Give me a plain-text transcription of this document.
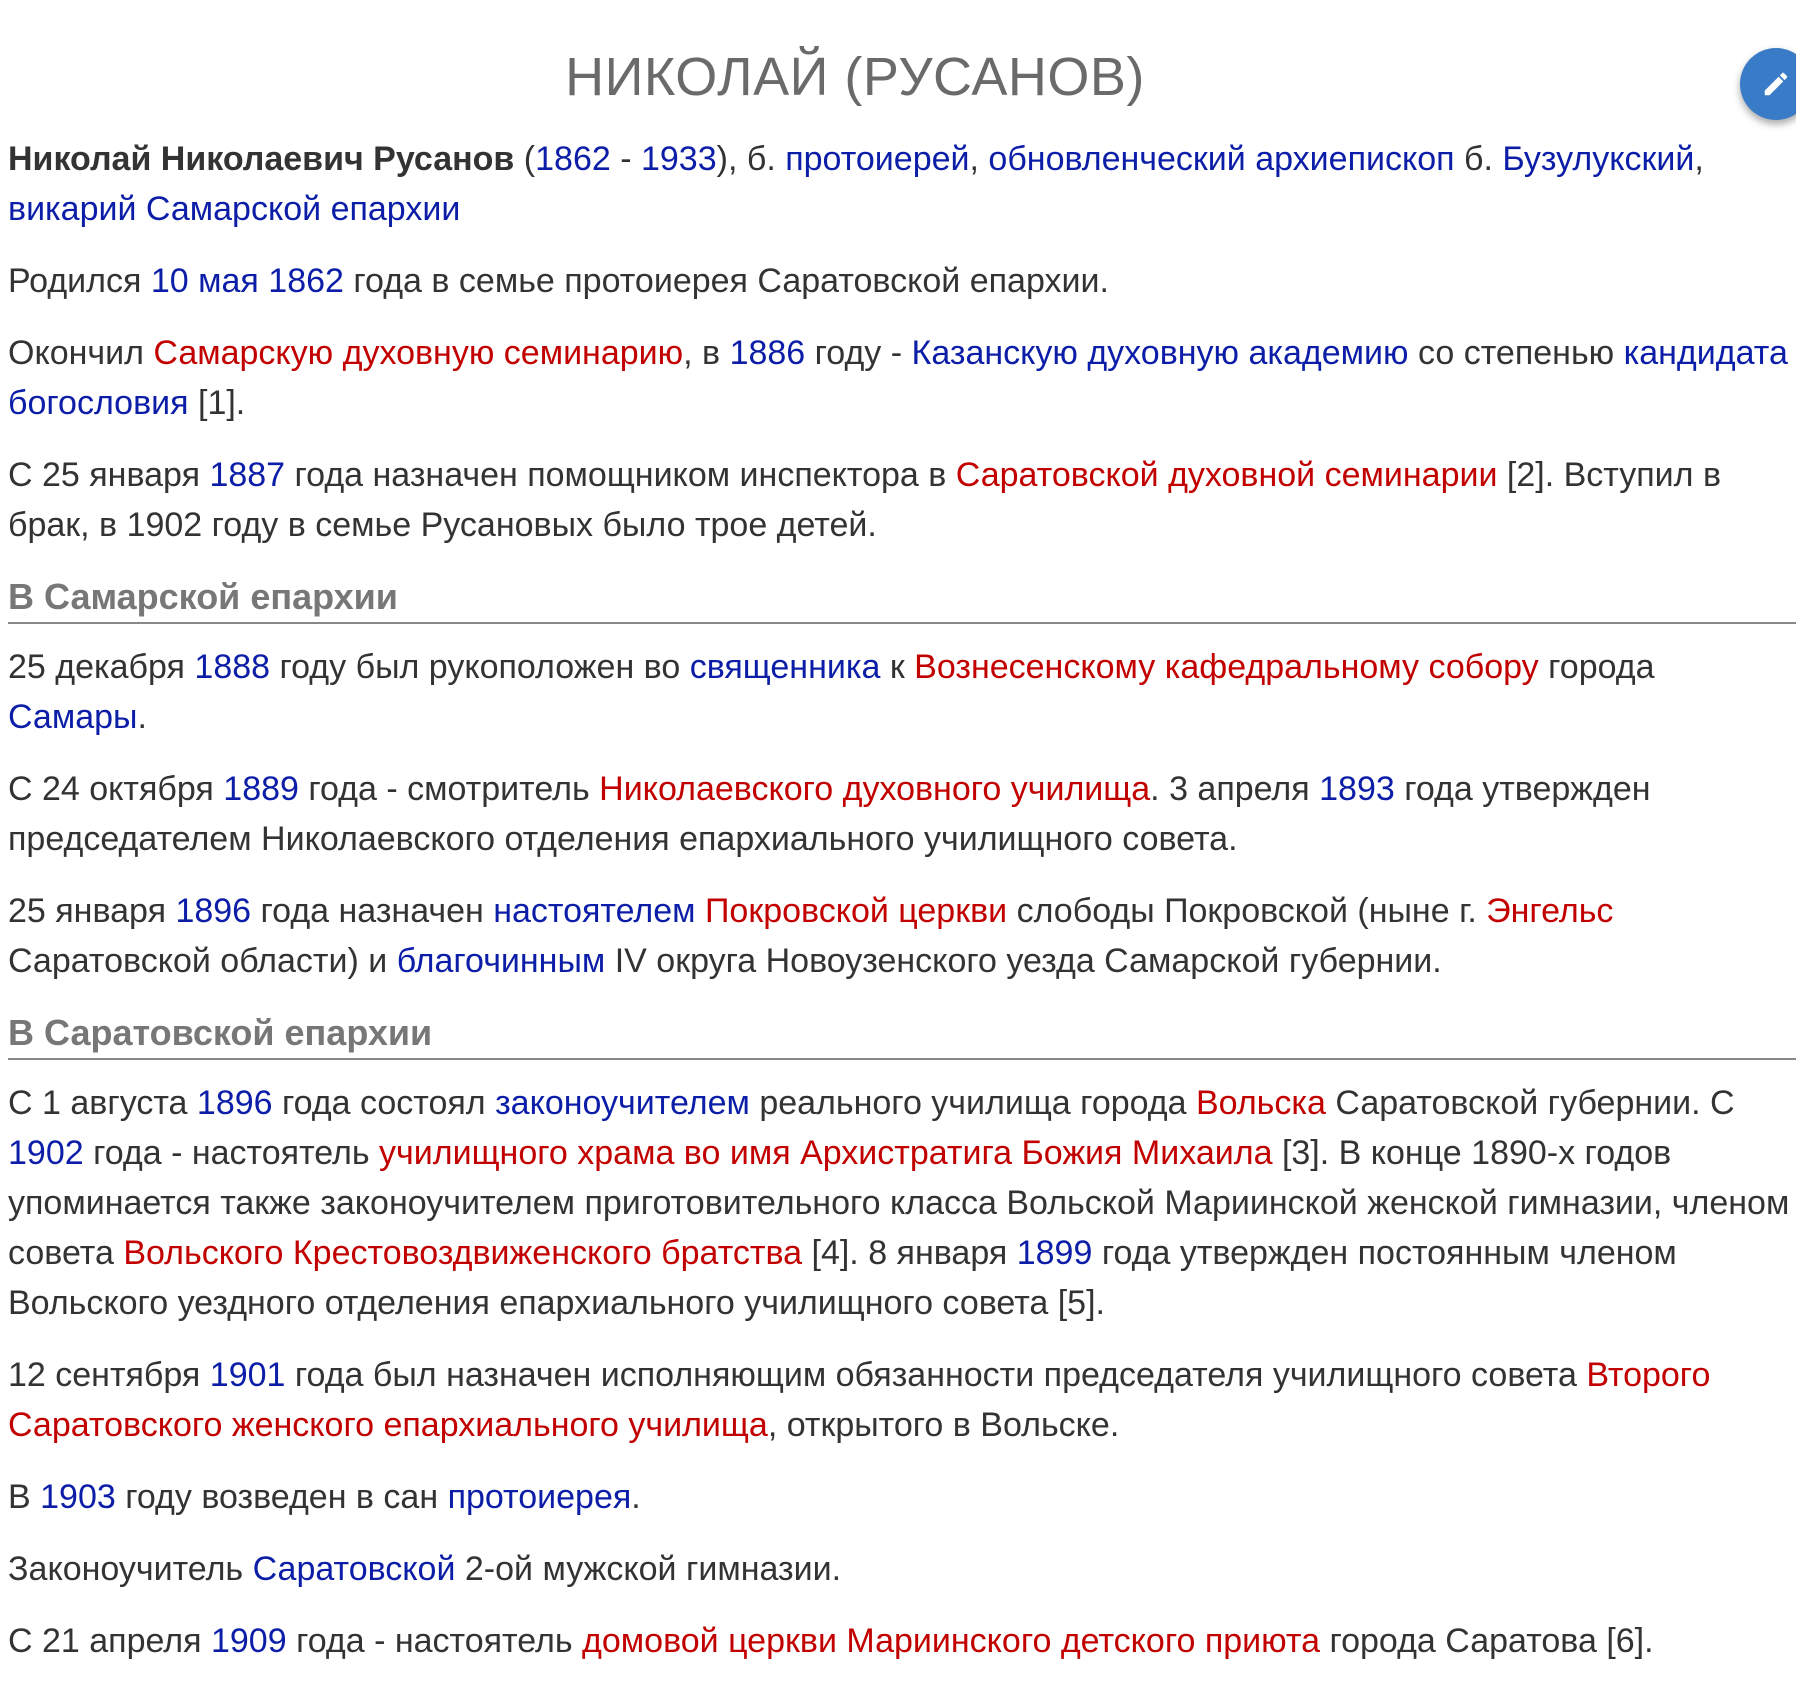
НИКОЛАЙ (РУСАНОВ)

Николай Николаевич Русанов (1862 - 1933), б. протоиерей, обновленческий архиепископ б. Бузулукский, викарий Самарской епархии

Родился 10 мая 1862 года в семье протоиерея Саратовской епархии.

Окончил Самарскую духовную семинарию, в 1886 году - Казанскую духовную академию со степенью кандидата богословия [1].

С 25 января 1887 года назначен помощником инспектора в Саратовской духовной семинарии [2]. Вступил в брак, в 1902 году в семье Русановых было трое детей.

В Самарской епархии

25 декабря 1888 году был рукоположен во священника к Вознесенскому кафедральному собору города Самары.

С 24 октября 1889 года - смотритель Николаевского духовного училища. 3 апреля 1893 года утвержден председателем Николаевского отделения епархиального училищного совета.

25 января 1896 года назначен настоятелем Покровской церкви слободы Покровской (ныне г. Энгельс Саратовской области) и благочинным IV округа Новоузенского уезда Самарской губернии.

В Саратовской епархии

С 1 августа 1896 года состоял законоучителем реального училища города Вольска Саратовской губернии. С 1902 года - настоятель училищного храма во имя Архистратига Божия Михаила [3]. В конце 1890-х годов упоминается также законоучителем приготовительного класса Вольской Мариинской женской гимназии, членом совета Вольского Крестовоздвиженского братства [4]. 8 января 1899 года утвержден постоянным членом Вольского уездного отделения епархиального училищного совета [5].

12 сентября 1901 года был назначен исполняющим обязанности председателя училищного совета Второго Саратовского женского епархиального училища, открытого в Вольске.

В 1903 году возведен в сан протоиерея.

Законоучитель Саратовской 2-ой мужской гимназии.

С 21 апреля 1909 года - настоятель домовой церкви Мариинского детского приюта города Саратова [6].
